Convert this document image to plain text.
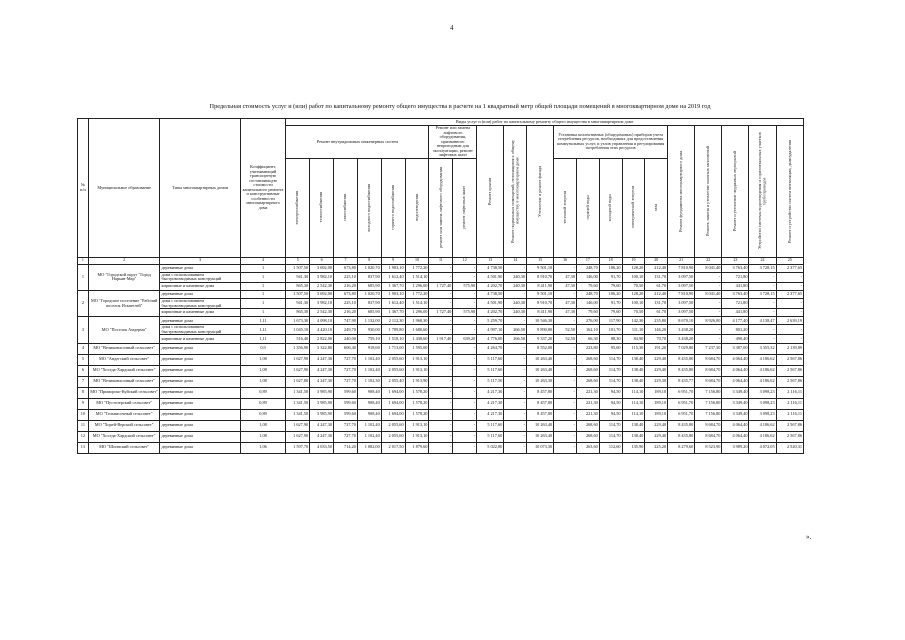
4
Предельная стоимость услуг и (или) работ по капитальному ремонту общего имущества в расчете на 1 квадратный метр общей площади помещений в многоквартирном доме на 2019 год
№ п/п	Муниципальное образование	Типы многоквартирных домов	Коэффициент, учитывающий транспортную составляющую стоимости капитального ремонта и конструктивные особенности многоквартирного дома	Виды услуг и (или) работ по капитальному ремонту общего имущества в многоквартирном доме																				
				Ремонт внутридомовых инженерных систем						Ремонт или замена лифтового оборудования, признанного непригодным для эксплуатации, ремонт лифтовых шахт		Ремонт крыши	Ремонт подвальных помещений, относящихся к общему имуществу в многоквартирном доме	Утепление и ремонт фасада	Установка коллективных (общедомовых) приборов учета потребления ресурсов, необходимых для предоставления коммунальных услуг, и узлов управления и регулирования потребления этих ресурсов					Ремонт фундамента многоквартирного дома	Ремонт, замена и утепление оконных заполнений	Ремонт и утепление чердачных перекрытий	Устройство системы водоотведения и горизонтальных участков трубопроводов	Ремонт и устройство систем вентиляции, дымоудаления

				электроснабжения	теплоснабжения	газоснабжения	холодного водоснабжения	горячего водоснабжения	водоотведения	ремонт или замена лифтового оборудования	ремонт лифтовых шахт				тепловой энергии	горячей воды	холодной воды	электрической энергии	газа					

1	2	3	4	5	6	7	8	9	10	11	12	13	14	15	16	17	18	19	20	21	22	23	24	25
1	МО "Городской округ "Город Нарьян-Мар"	деревянные дома	1	1 507,50	3 692,00	673,80	1 020,70	1 903,10	1 772,20	-	-	4 738,50	-	9 501,10	-	248,70	106,20	128,20	212,40	7 810,90	8 041,40	3 763,40	3 728,15	2 377,65
		дома с использованием быстровозводимых конструкций	1	941,30	3 982,10	225,10	837,90	1 612,40	1 514,10	-	-	4 501,90	240,30	8 910,70	47,30	146,00	91,70	100,10	131,70	3 097,50	-	721,80	-	-
		кирпичные и каменные дома	1	865,30	2 542,30	216,20	685,90	1 367,70	1 296,00	1 727,40	575,90	4 202,70	240,30	8 411,90	47,30	79,60	79,60	70,50	61,70	3 097,50	-	441,80	-	-
2	МО "Городское поселение "Рабочий поселок Искателей"	деревянные дома	1	1 507,50	3 692,00	673,80	1 020,70	1 903,10	1 772,20	-	-	4 738,50	-	9 501,10	-	248,70	106,20	128,20	212,40	7 810,90	8 041,40	3 763,40	3 728,15	2 377,65
		дома с использованием быстровозводимых конструкций	1	941,30	3 982,10	225,10	837,90	1 612,40	1 514,10	-	-	4 501,90	240,30	8 910,70	47,30	146,00	91,70	100,10	131,70	3 097,50	-	721,80	-	-
		кирпичные и каменные дома	1	865,30	2 542,30	216,20	685,90	1 367,70	1 296,00	1 727,40	575,90	4 202,70	240,30	8 411,90	47,30	79,60	79,60	70,50	61,70	3 097,50	-	441,80	-	-
3	МО "Поселок Амдерма"	деревянные дома	1,11	1 673,30	4 098,10	747,90	1 132,00	2 112,30	1 968,30	-	-	5 259,70	-	10 546,30	-	276,00	117,90	142,30	235,80	8 670,10	8 926,00	4 177,40	4 138,47	2 639,19
		дома с использованием быстровозводимых конструкций	1,11	1 045,10	4 420,10	249,70	930,00	1 789,80	1 680,60	-	-	4 997,10	266,50	9 890,80	52,50	162,10	101,70	111,10	146,20	3 438,20	-	801,20	-	-
		кирпичные и каменные дома	1,11	516,40	2 822,00	240,00	759,10	1 518,10	1 438,60	1 917,40	639,20	4 776,00	266,50	9 337,20	52,50	66,30	88,30	84,90	70,70	3 438,20	-	490,40	-	-
4	МО "Великовисочный сельсовет"	деревянные дома	0,9	1 356,90	3 322,80	606,40	918,60	1 713,00	1 595,00	-	-	4 264,70	-	8 552,00	-	223,80	95,60	115,30	191,20	7 029,80	7 237,30	3 387,00	3 355,32	2 139,89
5	МО "Андегский сельсовет"	деревянные дома	1,08	1 627,90	4 247,30	727,70	1 102,40	2 055,60	1 913,10	-	-	5 117,60	-	10 263,40	-	268,60	114,70	138,40	229,40	8 435,80	8 684,70	4 064,40	4 186,62	2 567,86
6	МО "Хоседа-Хардский сельсовет"	деревянные дома	1,08	1 627,90	4 247,30	727,70	1 102,40	2 055,60	1 913,10	-	-	5 117,60	-	10 263,40	-	268,60	114,70	138,40	229,40	8 435,80	8 684,70	4 064,40	4 186,62	2 567,86
7	МО "Великовисочный сельсовет"	деревянные дома	1,08	1 627,80	4 247,30	727,70	1 102,30	2 055,40	1 913,90	-	-	5 117,50	-	10 263,30	-	268,60	114,70	138,40	229,30	8 435,77	8 684,70	4 064,40	4 186,62	2 567,86
8	МО "Приморско-Куйский сельсовет"	деревянные дома	0,89	1 341,50	3 985,90	599,60	908,40	1 694,00	1 578,20	-	-	4 217,30	-	8 457,80	-	221,30	94,50	114,10	189,10	6 951,70	7 156,80	3 349,40	3 098,23	2 116,11
9	МО "Пустозерский сельсовет"	деревянные дома	0,89	1 341,50	3 985,90	599,60	908,40	1 694,00	1 578,20	-	-	4 217,30	-	8 457,80	-	221,30	94,50	114,10	189,10	6 951,70	7 156,80	3 349,40	3 098,23	2 116,11
10	МО "Тельвисочный сельсовет"	деревянные дома	0,89	1 341,50	3 985,90	599,60	908,40	1 694,00	1 578,20	-	-	4 217,30	-	8 457,80	-	221,30	94,50	114,10	189,10	6 951,70	7 156,80	3 349,40	3 098,23	2 116,11
11	МО "Хорей-Верский сельсовет"	деревянные дома	1,08	1 627,90	4 247,30	727,70	1 102,40	2 055,60	1 913,10	-	-	5 117,60	-	10 263,40	-	268,60	114,70	138,40	229,40	8 435,80	8 684,70	4 064,40	4 186,62	2 567,86
12	МО "Хоседа-Хардский сельсовет"	деревянные дома	1,08	1 627,90	4 247,30	727,70	1 102,40	2 055,60	1 913,10	-	-	5 117,60	-	10 263,40	-	268,60	114,70	138,40	229,40	8 435,80	8 684,70	4 064,40	4 186,62	2 567,86
13	МО "Шоинский сельсовет"	деревянные дома	1,06	1 597,70	4 033,50	714,20	1 082,00	2 017,50	1 879,60	-	-	5 022,80	-	10 073,30	-	263,60	112,60	135,90	225,20	8 279,60	8 523,90	3 989,20	4 072,05	2 520,31
».
